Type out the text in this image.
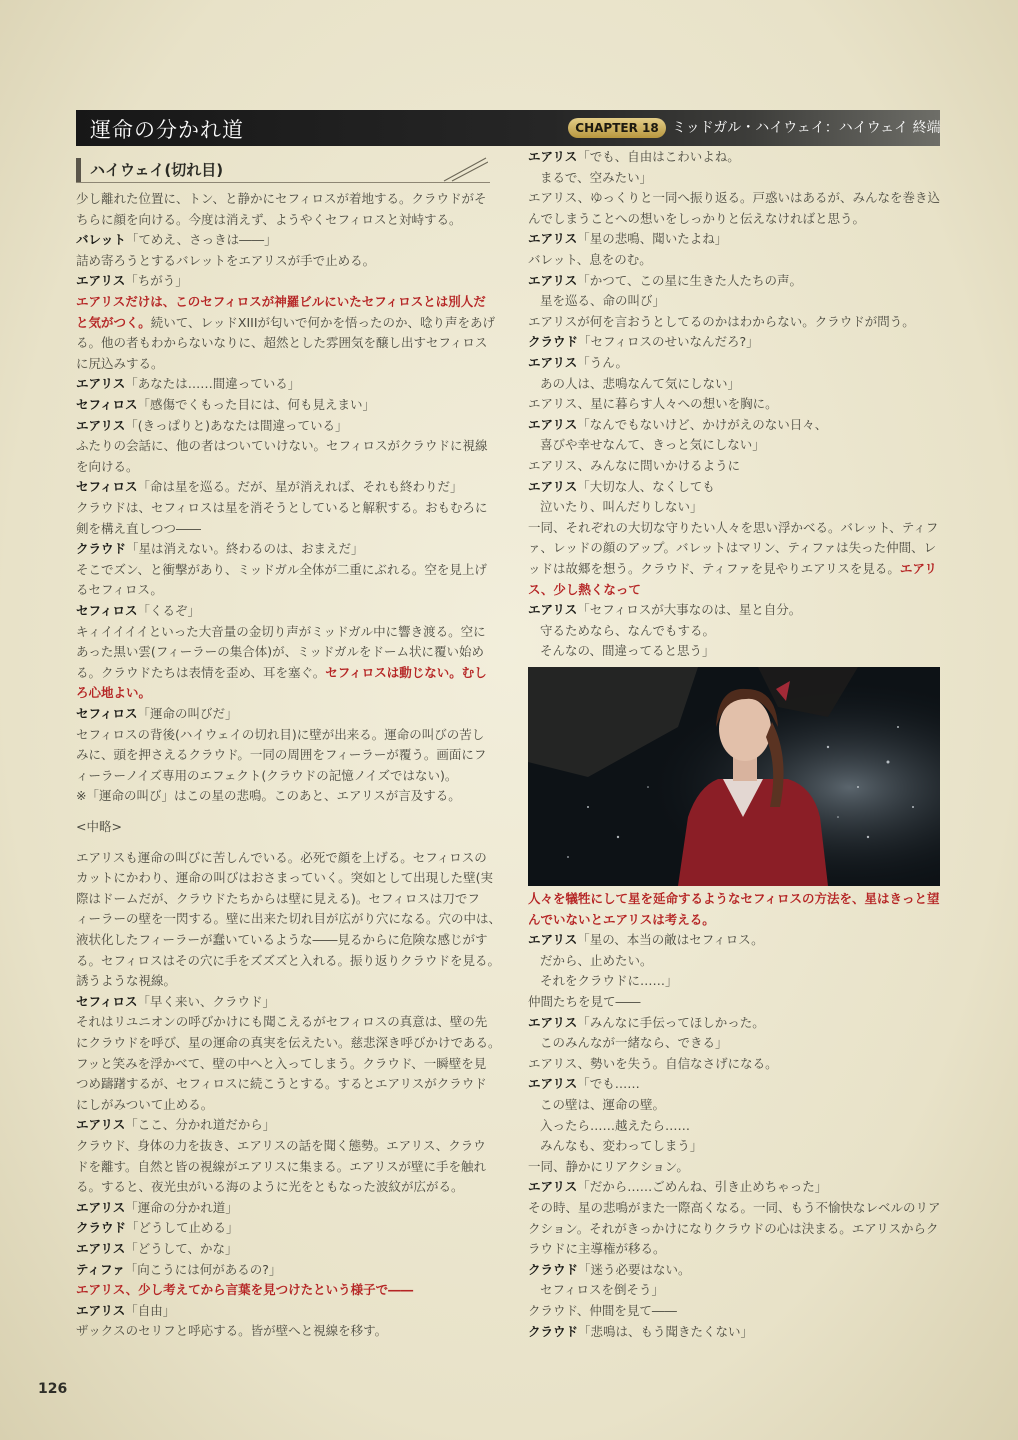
運命の分かれ道	CHAPTER 18 ミッドガル・ハイウェイ：ハイウェイ 終端
ハイウェイ(切れ目)
少し離れた位置に、トン、と静かにセフィロスが着地する。クラウドがそ
ちらに顔を向ける。今度は消えず、ようやくセフィロスと対峙する。
バレット「てめえ、さっきは――」
詰め寄ろうとするバレットをエアリスが手で止める。
エアリス「ちがう」
エアリスだけは、このセフィロスが神羅ビルにいたセフィロスとは別人だ
と気がつく。続いて、レッドXIIIが匂いで何かを悟ったのか、唸り声をあげ
る。他の者もわからないなりに、超然とした雰囲気を醸し出すセフィロス
に尻込みする。
エアリス「あなたは……間違っている」
セフィロス「感傷でくもった目には、何も見えまい」
エアリス「(きっぱりと)あなたは間違っている」
ふたりの会話に、他の者はついていけない。セフィロスがクラウドに視線
を向ける。
セフィロス「命は星を巡る。だが、星が消えれば、それも終わりだ」
クラウドは、セフィロスは星を消そうとしていると解釈する。おもむろに
剣を構え直しつつ――
クラウド「星は消えない。終わるのは、おまえだ」
そこでズン、と衝撃があり、ミッドガル全体が二重にぶれる。空を見上げ
るセフィロス。
セフィロス「くるぞ」
キィイイイイといった大音量の金切り声がミッドガル中に響き渡る。空に
あった黒い雲(フィーラーの集合体)が、ミッドガルをドーム状に覆い始め
る。クラウドたちは表情を歪め、耳を塞ぐ。セフィロスは動じない。むし
ろ心地よい。
セフィロス「運命の叫びだ」
セフィロスの背後(ハイウェイの切れ目)に壁が出来る。運命の叫びの苦し
みに、頭を押さえるクラウド。一同の周囲をフィーラーが覆う。画面にフ
ィーラーノイズ専用のエフェクト(クラウドの記憶ノイズではない)。
※「運命の叫び」はこの星の悲鳴。このあと、エアリスが言及する。
<中略>
エアリスも運命の叫びに苦しんでいる。必死で顔を上げる。セフィロスの
カットにかわり、運命の叫びはおさまっていく。突如として出現した壁(実
際はドームだが、クラウドたちからは壁に見える)。セフィロスは刀でフ
ィーラーの壁を一閃する。壁に出来た切れ目が広がり穴になる。穴の中は、
液状化したフィーラーが蠢いているような――見るからに危険な感じがす
る。セフィロスはその穴に手をズズズと入れる。振り返りクラウドを見る。
誘うような視線。
セフィロス「早く来い、クラウド」
それはリユニオンの呼びかけにも聞こえるがセフィロスの真意は、壁の先
にクラウドを呼び、星の運命の真実を伝えたい。慈悲深き呼びかけである。
フッと笑みを浮かべて、壁の中へと入ってしまう。クラウド、一瞬壁を見
つめ躊躇するが、セフィロスに続こうとする。するとエアリスがクラウド
にしがみついて止める。
エアリス「ここ、分かれ道だから」
クラウド、身体の力を抜き、エアリスの話を聞く態勢。エアリス、クラウ
ドを離す。自然と皆の視線がエアリスに集まる。エアリスが壁に手を触れ
る。すると、夜光虫がいる海のように光をともなった波紋が広がる。
エアリス「運命の分かれ道」
クラウド「どうして止める」
エアリス「どうして、かな」
ティファ「向こうには何があるの?」
エアリス、少し考えてから言葉を見つけたという様子で――
エアリス「自由」
ザックスのセリフと呼応する。皆が壁へと視線を移す。
エアリス「でも、自由はこわいよね。
まるで、空みたい」
エアリス、ゆっくりと一同へ振り返る。戸惑いはあるが、みんなを巻き込
んでしまうことへの想いをしっかりと伝えなければと思う。
エアリス「星の悲鳴、聞いたよね」
バレット、息をのむ。
エアリス「かつて、この星に生きた人たちの声。
星を巡る、命の叫び」
エアリスが何を言おうとしてるのかはわからない。クラウドが問う。
クラウド「セフィロスのせいなんだろ?」
エアリス「うん。
あの人は、悲鳴なんて気にしない」
エアリス、星に暮らす人々への想いを胸に。
エアリス「なんでもないけど、かけがえのない日々、
喜びや幸せなんて、きっと気にしない」
エアリス、みんなに問いかけるように
エアリス「大切な人、なくしても
泣いたり、叫んだりしない」
一同、それぞれの大切な守りたい人々を思い浮かべる。バレット、ティフ
ァ、レッドの顔のアップ。バレットはマリン、ティファは失った仲間、レ
ッドは故郷を想う。クラウド、ティファを見やりエアリスを見る。エアリ
ス、少し熱くなって
エアリス「セフィロスが大事なのは、星と自分。
守るためなら、なんでもする。
そんなの、間違ってると思う」
人々を犠牲にして星を延命するようなセフィロスの方法を、星はきっと望
んでいないとエアリスは考える。
エアリス「星の、本当の敵はセフィロス。
だから、止めたい。
それをクラウドに……」
仲間たちを見て――
エアリス「みんなに手伝ってほしかった。
このみんなが一緒なら、できる」
エアリス、勢いを失う。自信なさげになる。
エアリス「でも……
この壁は、運命の壁。
入ったら……越えたら……
みんなも、変わってしまう」
一同、静かにリアクション。
エアリス「だから……ごめんね、引き止めちゃった」
その時、星の悲鳴がまた一際高くなる。一同、もう不愉快なレベルのリア
クション。それがきっかけになりクラウドの心は決まる。エアリスからク
ラウドに主導権が移る。
クラウド「迷う必要はない。
セフィロスを倒そう」
クラウド、仲間を見て――
クラウド「悲鳴は、もう聞きたくない」
126
